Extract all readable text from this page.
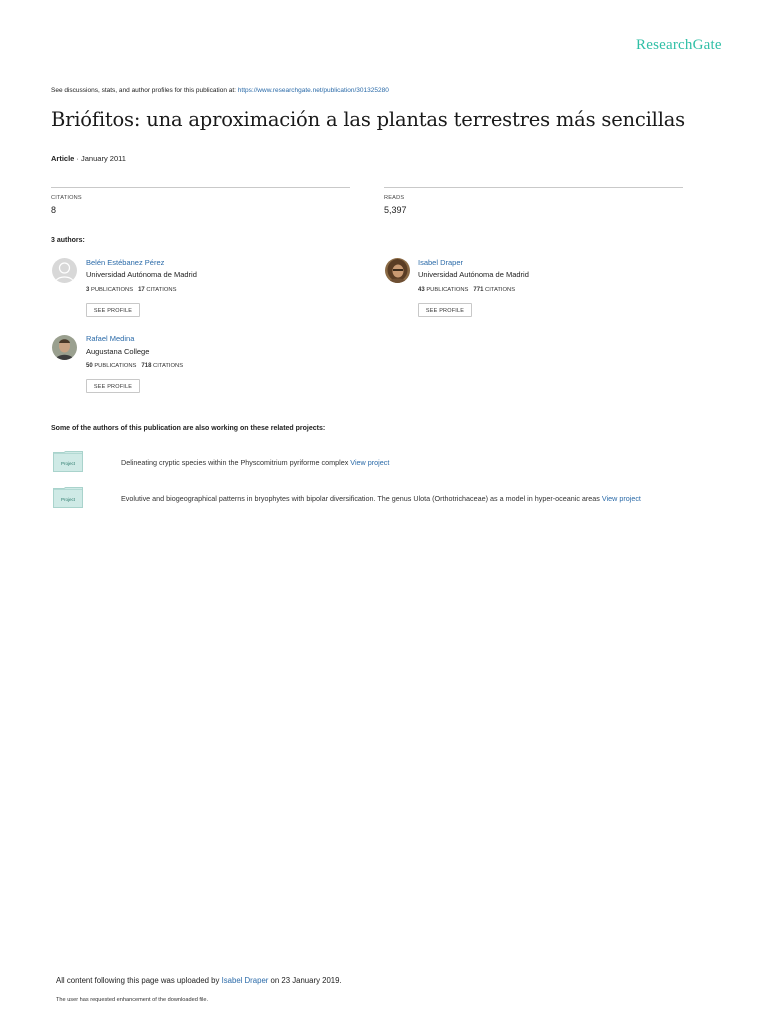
ResearchGate
See discussions, stats, and author profiles for this publication at: https://www.researchgate.net/publication/301325280
Briófitos: una aproximación a las plantas terrestres más sencillas
Article · January 2011
CITATIONS
8
READS
5,397
3 authors:
Belén Estébanez Pérez
Universidad Autónoma de Madrid
3 PUBLICATIONS 17 CITATIONS
SEE PROFILE
Isabel Draper
Universidad Autónoma de Madrid
43 PUBLICATIONS 771 CITATIONS
SEE PROFILE
Rafael Medina
Augustana College
50 PUBLICATIONS 718 CITATIONS
SEE PROFILE
Some of the authors of this publication are also working on these related projects:
Project	Delineating cryptic species within the Physcomitrium pyriforme complex View project
Project	Evolutive and biogeographical patterns in bryophytes with bipolar diversification. The genus Ulota (Orthotrichaceae) as a model in hyper-oceanic areas View project
All content following this page was uploaded by Isabel Draper on 23 January 2019.
The user has requested enhancement of the downloaded file.
